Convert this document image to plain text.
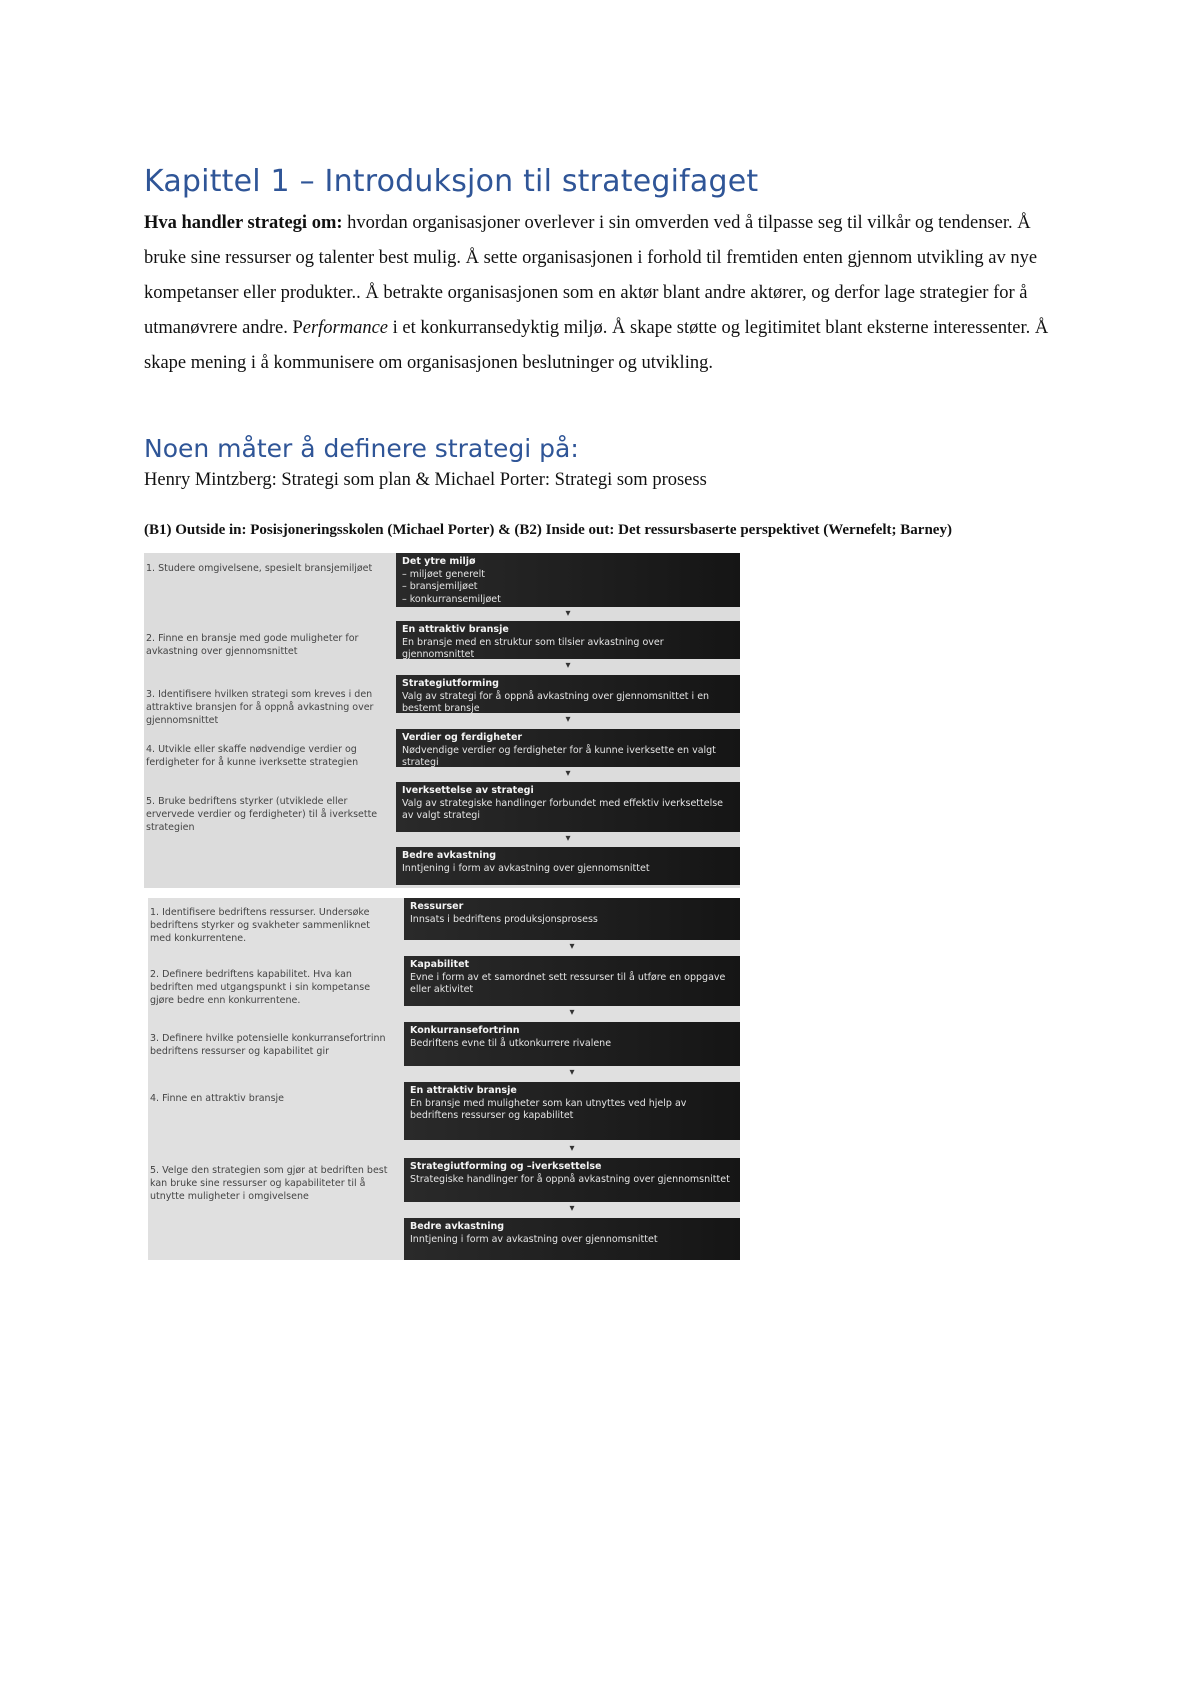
Kapittel 1 – Introduksjon til strategifaget

Hva handler strategi om: hvordan organisasjoner overlever i sin omverden ved å tilpasse seg til vilkår og tendenser. Å bruke sine ressurser og talenter best mulig. Å sette organisasjonen i forhold til fremtiden enten gjennom utvikling av nye kompetanser eller produkter.. Å betrakte organisasjonen som en aktør blant andre aktører, og derfor lage strategier for å utmanøvrere andre. Performance i et konkurransedyktig miljø. Å skape støtte og legitimitet blant eksterne interessenter. Å skape mening i å kommunisere om organisasjonen beslutninger og utvikling.

Noen måter å definere strategi på:

Henry Mintzberg: Strategi som plan & Michael Porter: Strategi som prosess

(B1) Outside in: Posisjoneringsskolen (Michael Porter) & (B2) Inside out: Det ressursbaserte perspektivet (Wernefelt; Barney)

1. Studere omgivelsene, spesielt bransjemiljøet
2. Finne en bransje med gode muligheter for avkastning over gjennomsnittet
3. Identifisere hvilken strategi som kreves i den attraktive bransjen for å oppnå avkastning over gjennomsnittet
4. Utvikle eller skaffe nødvendige verdier og ferdigheter for å kunne iverksette strategien
5. Bruke bedriftens styrker (utviklede eller ervervede verdier og ferdigheter) til å iverksette strategien
Det ytre miljø
– miljøet generelt
– bransjemiljøet
– konkurransemiljøet
▾
En attraktiv bransje
En bransje med en struktur som tilsier avkastning over gjennomsnittet
▾
Strategiutforming
Valg av strategi for å oppnå avkastning over gjennomsnittet i en bestemt bransje
▾
Verdier og ferdigheter
Nødvendige verdier og ferdigheter for å kunne iverksette en valgt strategi
▾
Iverksettelse av strategi
Valg av strategiske handlinger forbundet med effektiv iverksettelse av valgt strategi
▾
Bedre avkastning
Inntjening i form av avkastning over gjennomsnittet
1. Identifisere bedriftens ressurser. Undersøke bedriftens styrker og svakheter sammenliknet med konkurrentene.
2. Definere bedriftens kapabilitet. Hva kan bedriften med utgangspunkt i sin kompetanse gjøre bedre enn konkurrentene.
3. Definere hvilke potensielle konkurransefortrinn bedriftens ressurser og kapabilitet gir
4. Finne en attraktiv bransje
5. Velge den strategien som gjør at bedriften best kan bruke sine ressurser og kapabiliteter til å utnytte muligheter i omgivelsene
Ressurser
Innsats i bedriftens produksjonsprosess
▾
Kapabilitet
Evne i form av et samordnet sett ressurser til å utføre en oppgave eller aktivitet
▾
Konkurransefortrinn
Bedriftens evne til å utkonkurrere rivalene
▾
En attraktiv bransje
En bransje med muligheter som kan utnyttes ved hjelp av bedriftens ressurser og kapabilitet
▾
Strategiutforming og –iverksettelse
Strategiske handlinger for å oppnå avkastning over gjennomsnittet
▾
Bedre avkastning
Inntjening i form av avkastning over gjennomsnittet
